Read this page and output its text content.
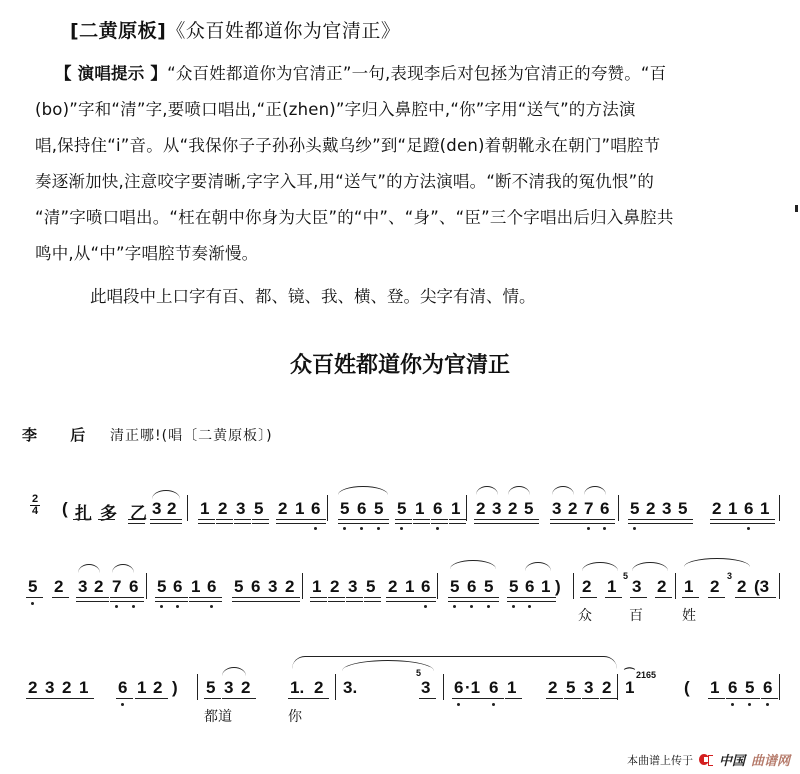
[二黄原板]《众百姓都道你为官清正》
【 演唱提示 】“众百姓都道你为官清正”一句,表现李后对包拯为官清正的夸赞。“百
(bo)”字和“清”字,要喷口唱出,“正(zhen)”字归入鼻腔中,“你”字用“送气”的方法演
唱,保持住“i”音。从“我保你子子孙孙头戴乌纱”到“足蹬(den)着朝靴永在朝门”唱腔节
奏逐渐加快,注意咬字要清晰,字字入耳,用“送气”的方法演唱。“断不清我的冤仇恨”的
“清”字喷口唱出。“枉在朝中你身为大臣”的“中”、“身”、“臣”三个字唱出后归入鼻腔共
鸣中,从“中”字唱腔节奏渐慢。
此唱段中上口字有百、都、镜、我、横、登。尖字有清、情。
众百姓都道你为官清正
李 后 清正哪!(唱〔二黄原板〕)
2
4 ( 扎 多 乙 3 2 1 2 3 5 2 1 6 5 6 5 5 1 6 1 2 3 2 5 3 2 7 6 5 2 3 5 2 1 6 1
5 2 3 2 7 6 5 6 1 6 5 6 3 2 1 2 3 5 2 1 6 5 6 5 5 6 1 ) 2 1 3 2 1 2 2 (3
5	3
众	百	姓
2 3 2 1 6 1 2 ) 5 3 2 1. 2 3.	3 6 ·1 6 1 2 5 3 2 1	( 1 6 5 6
5	2165
都道	你
⌒
本曲谱上传于 中国 曲谱网
